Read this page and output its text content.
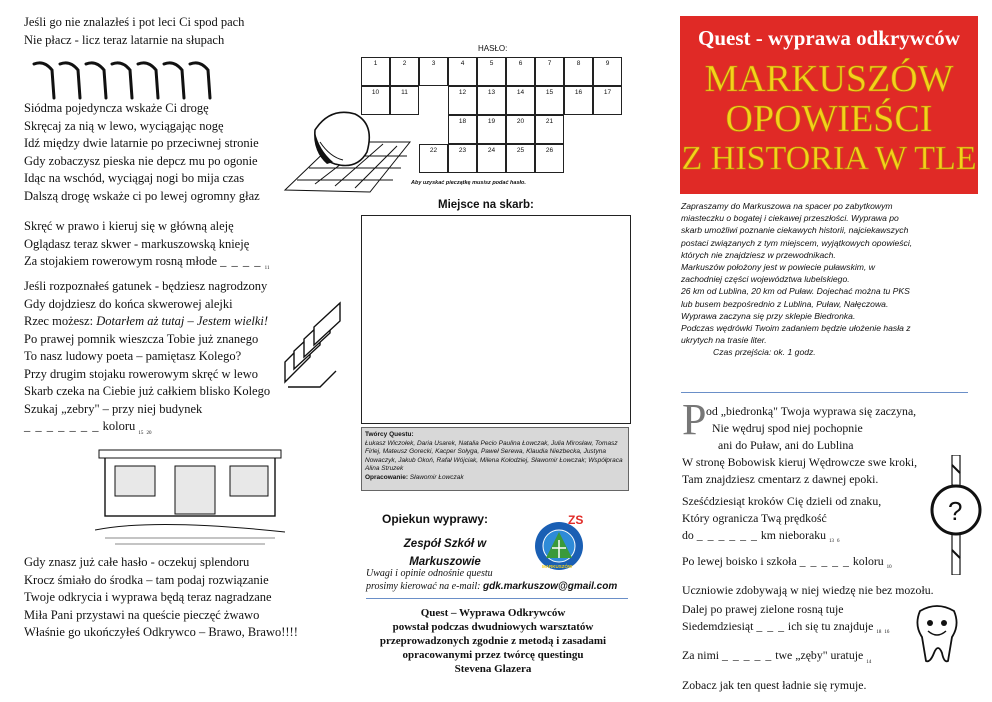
Jeśli go nie znalazłeś i pot leci Ci spod pach
Nie płacz - licz teraz latarnie na słupach
Siódma pojedyncza wskaże Ci drogę
Skręcaj za nią w lewo, wyciągając nogę
Idź między dwie latarnie po przeciwnej stronie
Gdy zobaczysz pieska nie depcz mu po ogonie
Idąc na wschód, wyciągaj nogi bo mija czas
Dalszą drogę wskaże ci po lewej ogromny głaz
Skręć w prawo i kieruj się w główną aleję
Oglądasz teraz skwer - markuszowską knieję
Za stojakiem rowerowym rosną młode _ _ _ _ 11
Jeśli rozpoznałeś gatunek - będziesz nagrodzony
Gdy dojdziesz do końca skwerowej alejki
Rzec możesz: Dotarłem aż tutaj – Jestem wielki!
Po prawej pomnik wieszcza Tobie już znanego
To nasz ludowy poeta – pamiętasz Kolego?
Przy drugim stojaku rowerowym skręć w lewo
Skarb czeka na Ciebie już całkiem blisko Kolego
Szukaj „zebry" – przy niej budynek
_ _ _ _ _ _ _ koloru 15 20
Gdy znasz już całe hasło - oczekuj splendoru
Krocz śmiało do środka – tam podaj rozwiązanie
Twoje odkrycia i wyprawa będą teraz nagradzane
Miła Pani przystawi na queście pieczęć żwawo
Właśnie go ukończyłeś Odkrywco – Brawo, Brawo!!!!
HASŁO:
1	2	3	4	5	6	7	8	9
10	11	12	13	14	15	16	17
18	19	20	21
22	23	24	25	26
Aby uzyskać pieczątkę musisz podać hasło.
Miejsce na skarb:
Twórcy Questu:
Łukasz Wiczołek, Daria Usarek, Natalia Pecio Paulina Łowczak, Julia Mirosław, Tomasz Firlej, Mateusz Gorecki, Kacper Sołyga, Paweł Serewa, Klaudia Niezbecka, Justyna Nowaczyk, Jakub Okoń, Rafał Wójciak, Milena Kołodziej, Sławomir Łowczak; Współpraca Alina Struzek
Opracowanie: Sławomir Łowczak
Opiekun wyprawy:
Zespół Szkół w
Markuszowie
ZS
MARKUSZÓW
Uwagi i opinie odnośnie questu
prosimy kierować na e-mail: gdk.markuszow@gmail.com
Quest – Wyprawa Odkrywców
powstał podczas dwudniowych warsztatów
przeprowadzonych zgodnie z metodą i zasadami
opracowanymi przez twórcę questingu
Stevena Glazera
Quest - wyprawa odkrywców
MARKUSZÓW
OPOWIEŚCI
Z HISTORIA W TLE
Zapraszamy do Markuszowa na spacer po zabytkowym
miasteczku o bogatej i ciekawej przeszłości. Wyprawa po
skarb umożliwi poznanie ciekawych historii, najciekawszych
postaci związanych z tym miejscem, wyjątkowych opowieści,
których nie znajdziesz w przewodnikach.
Markuszów położony jest w powiecie puławskim, w
zachodniej części województwa lubelskiego.
26 km od Lublina, 20 km od Puław. Dojechać można tu PKS
lub busem bezpośrednio z Lublina, Puław, Nałęczowa.
Wyprawa zaczyna się przy sklepie Biedronka.
Podczas wędrówki Twoim zadaniem będzie ułożenie hasła z
ukrytych na trasie liter.
Czas przejścia: ok. 1 godz.
P od „biedronką" Twoja wyprawa się zaczyna,
Nie wędruj spod niej pochopnie
ani do Puław, ani do Lublina
W stronę Bobowisk kieruj Wędrowcze swe kroki,
Tam znajdziesz cmentarz z dawnej epoki.
Sześćdziesiąt kroków Cię dzieli od znaku,
Który ogranicza Twą prędkość
do _ _ _ _ _ _ km nieboraku 13 6
Po lewej boisko i szkoła _ _ _ _ _ koloru 10
Uczniowie zdobywają w niej wiedzę nie bez mozołu.
Dalej po prawej zielone rosną tuje
Siedemdziesiąt _ _ _ ich się tu znajduje 18 16
Za nimi _ _ _ _ _ twe „zęby" uratuje 14
Zobacz jak ten quest ładnie się rymuje.
?
